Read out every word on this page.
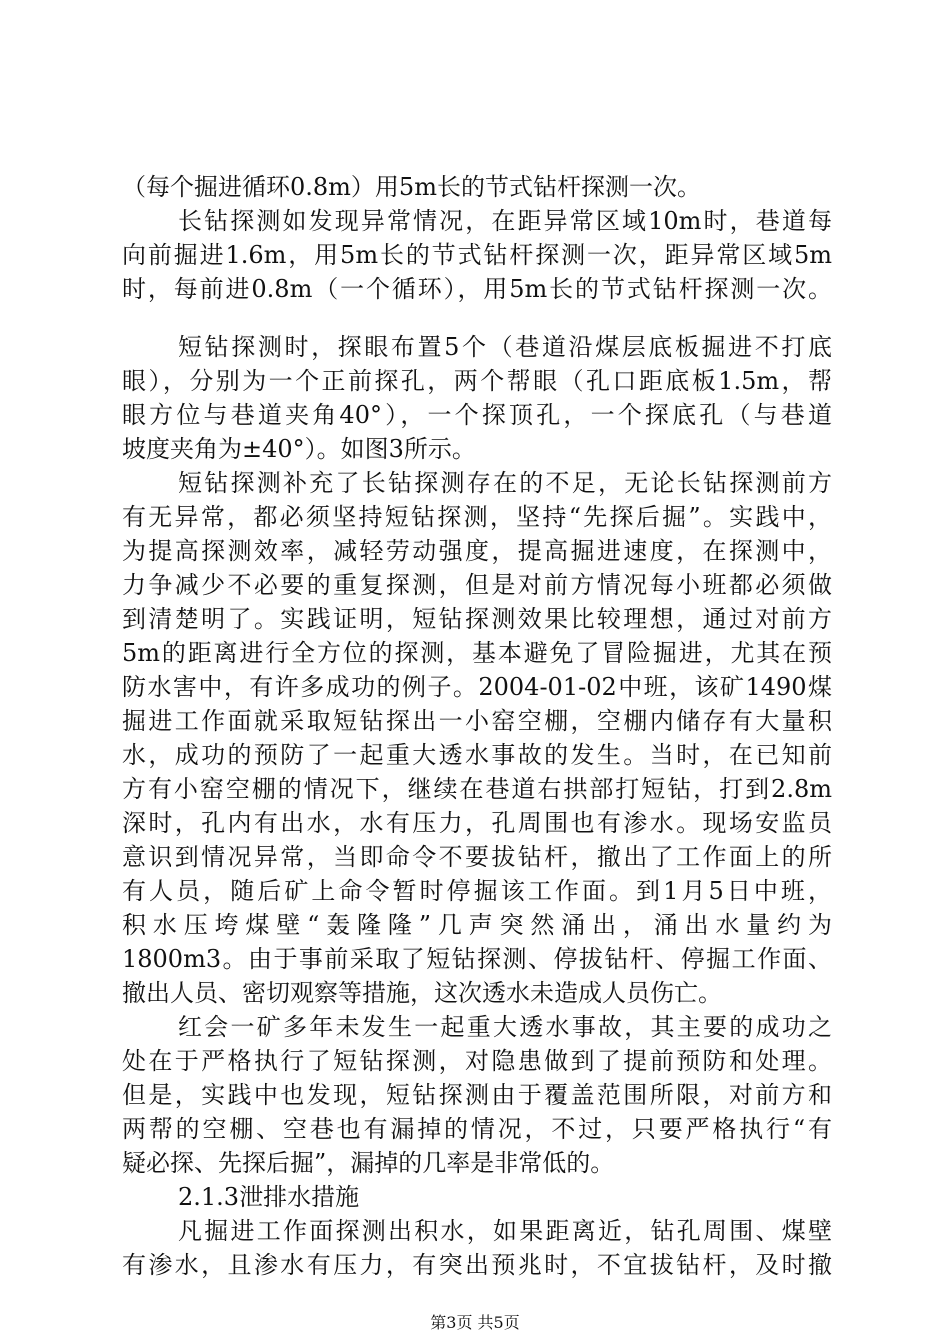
（每个掘进循环0.8m）用5m长的节式钻杆探测一次。
长钻探测如发现异常情况，在距异常区域10m时，巷道每
向前掘进1.6m，用5m长的节式钻杆探测一次，距异常区域5m
时，每前进0.8m（一个循环），用5m长的节式钻杆探测一次。
短钻探测时，探眼布置5个（巷道沿煤层底板掘进不打底
眼），分别为一个正前探孔，两个帮眼（孔口距底板1.5m，帮
眼方位与巷道夹角40°），一个探顶孔，一个探底孔（与巷道
坡度夹角为±40°）。如图3所示。
短钻探测补充了长钻探测存在的不足，无论长钻探测前方
有无异常，都必须坚持短钻探测，坚持“先探后掘”。实践中，
为提高探测效率，减轻劳动强度，提高掘进速度，在探测中，
力争减少不必要的重复探测，但是对前方情况每小班都必须做
到清楚明了。实践证明，短钻探测效果比较理想，通过对前方
5m的距离进行全方位的探测，基本避免了冒险掘进，尤其在预
防水害中，有许多成功的例子。2004-01-02中班，该矿1490煤
掘进工作面就采取短钻探出一小窑空棚，空棚内储存有大量积
水，成功的预防了一起重大透水事故的发生。当时，在已知前
方有小窑空棚的情况下，继续在巷道右拱部打短钻，打到2.8m
深时，孔内有出水，水有压力，孔周围也有渗水。现场安监员
意识到情况异常，当即命令不要拔钻杆，撤出了工作面上的所
有人员，随后矿上命令暂时停掘该工作面。到1月5日中班，
积水压垮煤壁“轰隆隆”几声突然涌出，涌出水量约为
1800m3。由于事前采取了短钻探测、停拔钻杆、停掘工作面、
撤出人员、密切观察等措施，这次透水未造成人员伤亡。
红会一矿多年未发生一起重大透水事故，其主要的成功之
处在于严格执行了短钻探测，对隐患做到了提前预防和处理。
但是，实践中也发现，短钻探测由于覆盖范围所限，对前方和
两帮的空棚、空巷也有漏掉的情况，不过，只要严格执行“有
疑必探、先探后掘”，漏掉的几率是非常低的。
2.1.3泄排水措施
凡掘进工作面探测出积水，如果距离近，钻孔周围、煤壁
第3页 共5页
有渗水，且渗水有压力，有突出预兆时，不宜拔钻杆，及时撤
